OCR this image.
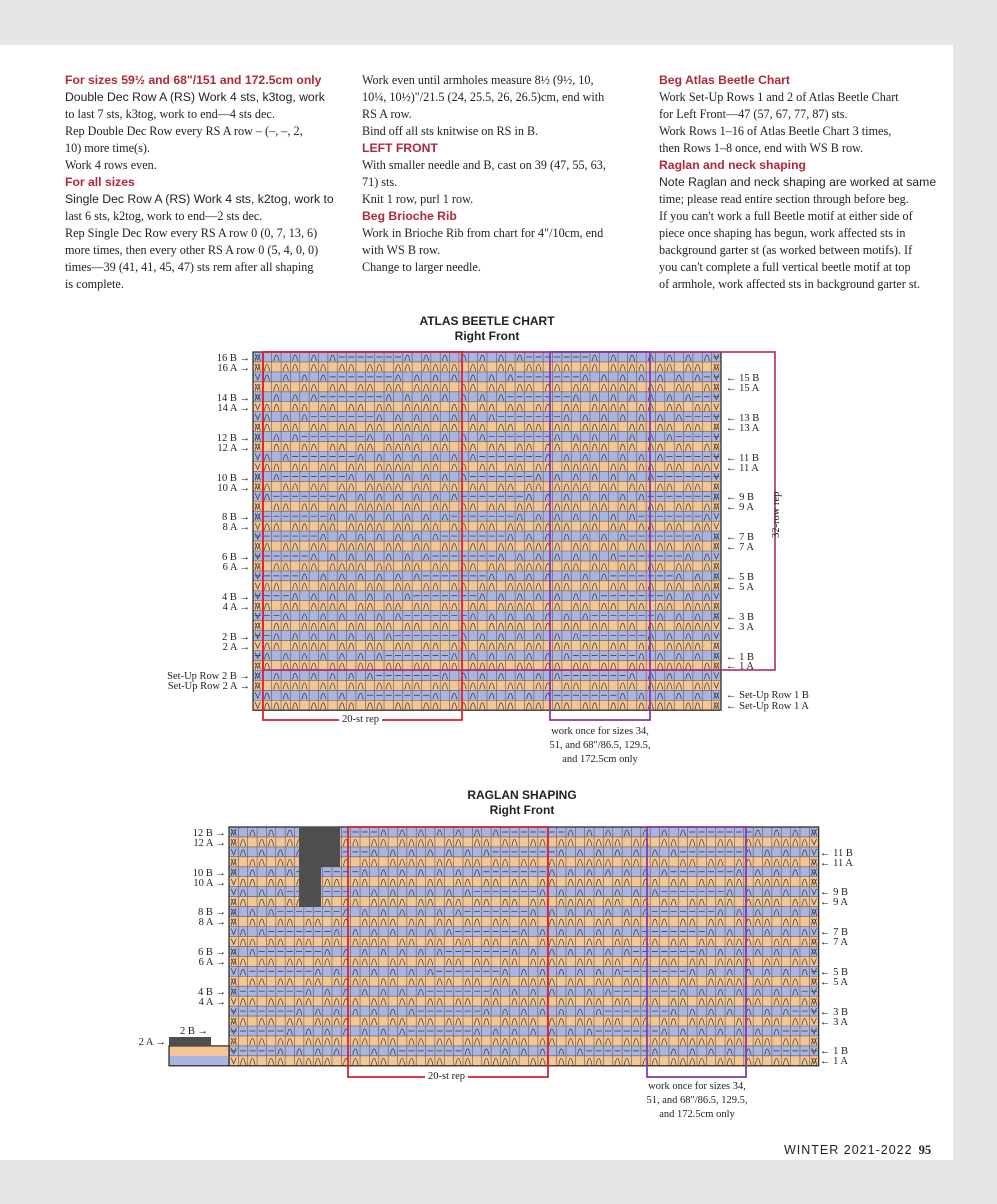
For sizes 59½ and 68"/151 and 172.5cm only

Double Dec Row A (RS) Work 4 sts, k3tog, work

to last 7 sts, k3tog, work to end—4 sts dec.

Rep Double Dec Row every RS A row – (–, –, 2,

10) more time(s).

Work 4 rows even.

For all sizes

Single Dec Row A (RS) Work 4 sts, k2tog, work to

last 6 sts, k2tog, work to end—2 sts dec.

Rep Single Dec Row every RS A row 0 (0, 7, 13, 6)

more times, then every other RS A row 0 (5, 4, 0, 0)

times—39 (41, 41, 45, 47) sts rem after all shaping

is complete.

Work even until armholes measure 8½ (9½, 10,

10¼, 10½)"/21.5 (24, 25.5, 26, 26.5)cm, end with

RS A row.

Bind off all sts knitwise on RS in B.

LEFT FRONT

With smaller needle and B, cast on 39 (47, 55, 63,

71) sts.

Knit 1 row, purl 1 row.

Beg Brioche Rib

Work in Brioche Rib from chart for 4"/10cm, end

with WS B row.

Change to larger needle.

Beg Atlas Beetle Chart

Work Set-Up Rows 1 and 2 of Atlas Beetle Chart

for Left Front—47 (57, 67, 77, 87) sts.

Work Rows 1–16 of Atlas Beetle Chart 3 times,

then Rows 1–8 once, end with WS B row.

Raglan and neck shaping

Note Raglan and neck shaping are worked at same

time; please read entire section through before beg.

If you can't work a full Beetle motif at either side of

piece once shaping has begun, work affected sts in

background garter st (as worked between motifs). If

you can't complete a full vertical beetle motif at top

of armhole, work affected sts in background garter st.

ATLAS BEETLE CHART
Right Front
RAGLAN SHAPING
Right Front
16 B →
16 A →
14 B →
14 A →
12 B →
12 A →
10 B →
10 A →
8 B →
8 A →
6 B →
6 A →
4 B →
4 A →
2 B →
2 A →
Set-Up Row 2 B →
Set-Up Row 2 A →
← 15 B
← 15 A
← 13 B
← 13 A
← 11 B
← 11 A
← 9 B
← 9 A
← 7 B
← 7 A
← 5 B
← 5 A
← 3 B
← 3 A
← 1 B
← 1 A
← Set-Up Row 1 B
← Set-Up Row 1 A
20-st rep
32-row rep
work once for sizes 34,
51, and 68"/86.5, 129.5,
and 172.5cm only
12 B →
12 A →
10 B →
10 A →
8 B →
8 A →
6 B →
6 A →
4 B →
4 A →
2 B →
2 A →
← 11 B
← 11 A
← 9 B
← 9 A
← 7 B
← 7 A
← 5 B
← 5 A
← 3 B
← 3 A
← 1 B
← 1 A
20-st rep
work once for sizes 34,
51, and 68"/86.5, 129.5,
and 172.5cm only
WINTER 2021-2022 95
